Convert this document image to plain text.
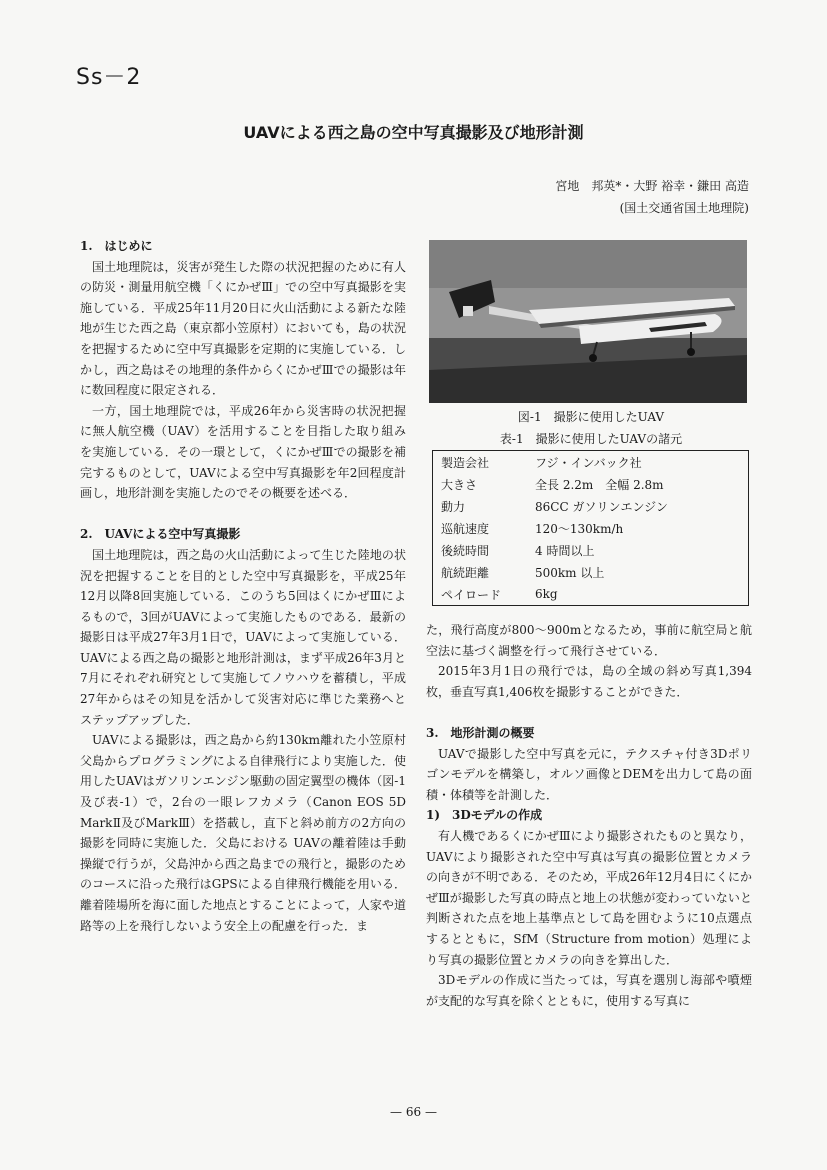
Ss－2
UAVによる西之島の空中写真撮影及び地形計測
宮地　邦英*・大野 裕幸・鎌田 高造
(国土交通省国土地理院)
1.　はじめに

国土地理院は，災害が発生した際の状況把握のために有人の防災・測量用航空機「くにかぜⅢ」での空中写真撮影を実施している．平成25年11月20日に火山活動による新たな陸地が生じた西之島（東京都小笠原村）においても，島の状況を把握するために空中写真撮影を定期的に実施している．しかし，西之島はその地理的条件からくにかぜⅢでの撮影は年に数回程度に限定される．

一方，国土地理院では，平成26年から災害時の状況把握に無人航空機（UAV）を活用することを目指した取り組みを実施している．その一環として，くにかぜⅢでの撮影を補完するものとして，UAVによる空中写真撮影を年2回程度計画し，地形計測を実施したのでその概要を述べる．

2.　UAVによる空中写真撮影

国土地理院は，西之島の火山活動によって生じた陸地の状況を把握することを目的とした空中写真撮影を，平成25年12月以降8回実施している．このうち5回はくにかぜⅢによるもので，3回がUAVによって実施したものである．最新の撮影日は平成27年3月1日で，UAVによって実施している．UAVによる西之島の撮影と地形計測は，まず平成26年3月と7月にそれぞれ研究として実施してノウハウを蓄積し，平成27年からはその知見を活かして災害対応に準じた業務へとステップアップした．

UAVによる撮影は，西之島から約130km離れた小笠原村父島からプログラミングによる自律飛行により実施した．使用したUAVはガソリンエンジン駆動の固定翼型の機体（図-1及び表-1）で，2台の一眼レフカメラ（Canon EOS 5D MarkⅡ及びMarkⅢ）を搭載し，直下と斜め前方の2方向の撮影を同時に実施した．父島における UAVの離着陸は手動操縦で行うが，父島沖から西之島までの飛行と，撮影のためのコースに沿った飛行はGPSによる自律飛行機能を用いる．離着陸場所を海に面した地点とすることによって，人家や道路等の上を飛行しないよう安全上の配慮を行った．ま

図-1　撮影に使用したUAV
表-1　撮影に使用したUAVの諸元
製造会社	フジ・インバック社
大きさ	全長 2.2m　全幅 2.8m
動力	86CC ガソリンエンジン
巡航速度	120～130km/h
後続時間	4 時間以上
航続距離	500km 以上
ペイロード	6kg
た，飛行高度が800～900mとなるため，事前に航空局と航空法に基づく調整を行って飛行させている．

2015年3月1日の飛行では，島の全域の斜め写真1,394枚，垂直写真1,406枚を撮影することができた．

3.　地形計測の概要

UAVで撮影した空中写真を元に，テクスチャ付き3Dポリゴンモデルを構築し，オルソ画像とDEMを出力して島の面積・体積等を計測した．

1)　3Dモデルの作成

有人機であるくにかぜⅢにより撮影されたものと異なり，UAVにより撮影された空中写真は写真の撮影位置とカメラの向きが不明である．そのため，平成26年12月4日にくにかぜⅢが撮影した写真の時点と地上の状態が変わっていないと判断された点を地上基準点として島を囲むように10点選点するとともに，SfM（Structure from motion）処理により写真の撮影位置とカメラの向きを算出した．

3Dモデルの作成に当たっては，写真を選別し海部や噴煙が支配的な写真を除くとともに，使用する写真に

— 66 —
